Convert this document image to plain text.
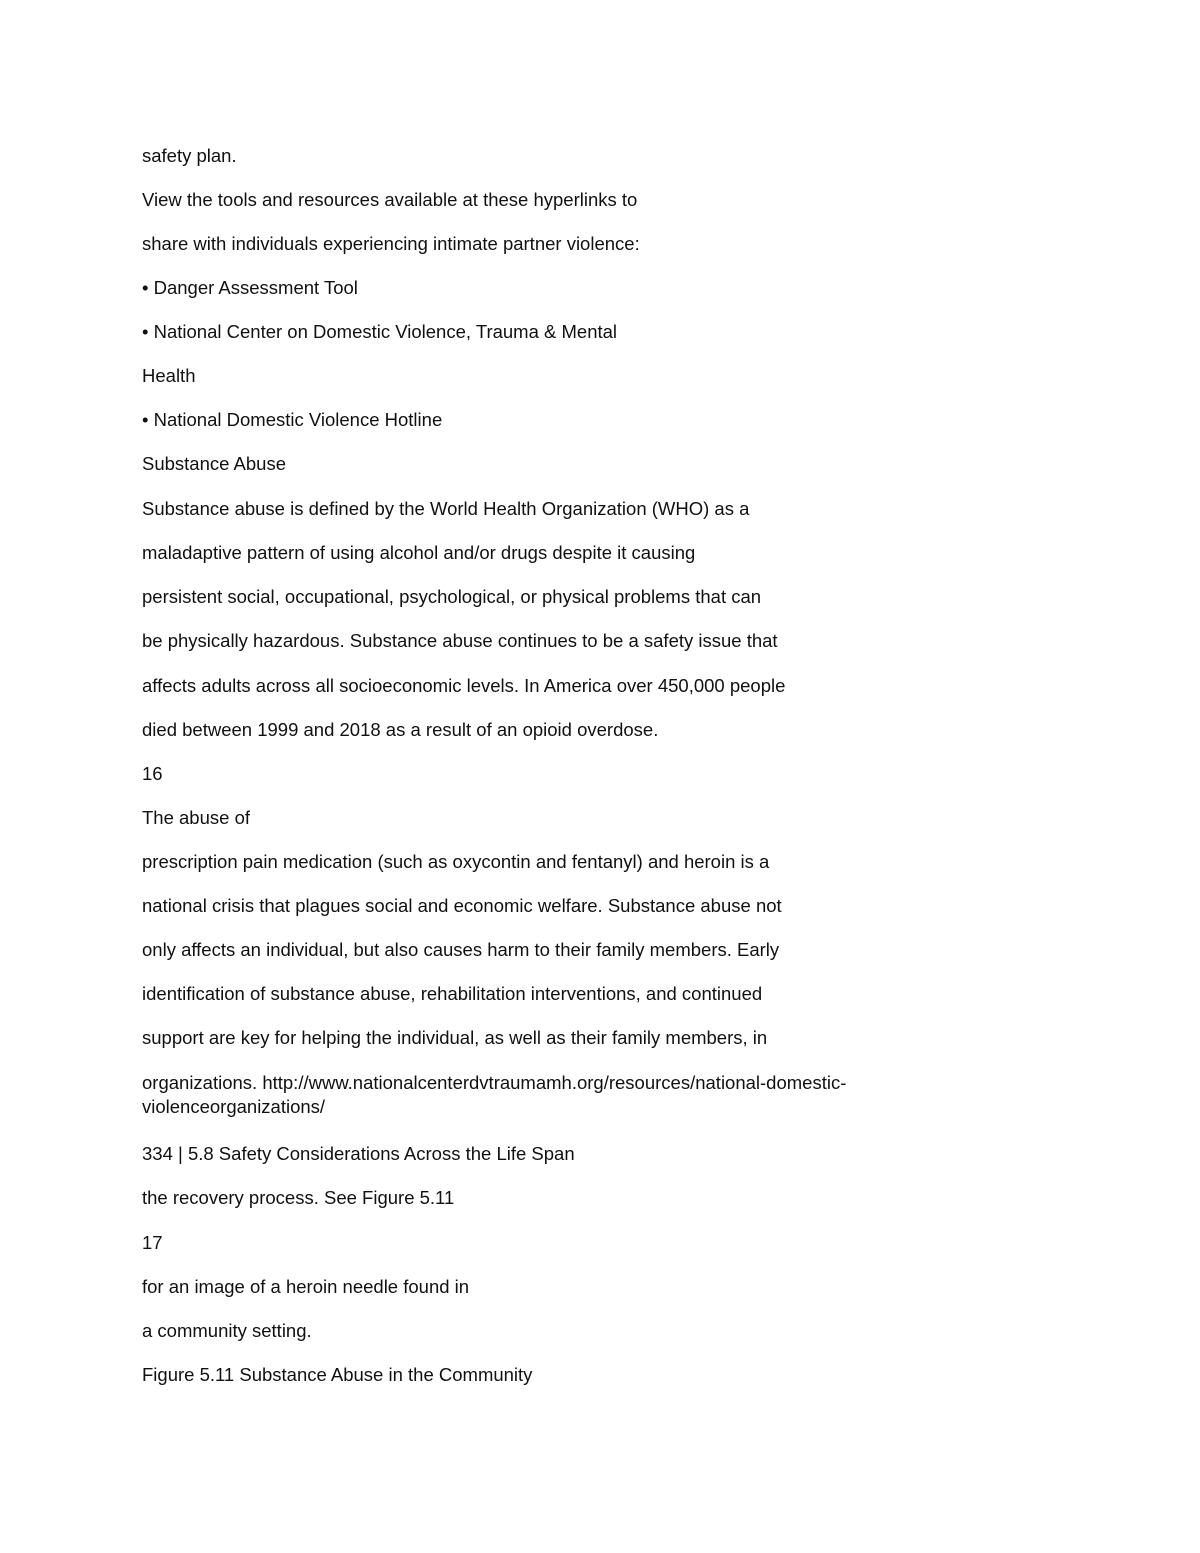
safety plan.
View the tools and resources available at these hyperlinks to
share with individuals experiencing intimate partner violence:
• Danger Assessment Tool
• National Center on Domestic Violence, Trauma & Mental
Health
• National Domestic Violence Hotline
Substance Abuse
Substance abuse is defined by the World Health Organization (WHO) as a
maladaptive pattern of using alcohol and/or drugs despite it causing
persistent social, occupational, psychological, or physical problems that can
be physically hazardous. Substance abuse continues to be a safety issue that
affects adults across all socioeconomic levels. In America over 450,000 people
died between 1999 and 2018 as a result of an opioid overdose.
16
The abuse of
prescription pain medication (such as oxycontin and fentanyl) and heroin is a
national crisis that plagues social and economic welfare. Substance abuse not
only affects an individual, but also causes harm to their family members. Early
identification of substance abuse, rehabilitation interventions, and continued
support are key for helping the individual, as well as their family members, in
organizations. http://www.nationalcenterdvtraumamh.org/resources/national-domestic-
violenceorganizations/
334 | 5.8 Safety Considerations Across the Life Span
the recovery process. See Figure 5.11
17
for an image of a heroin needle found in
a community setting.
Figure 5.11 Substance Abuse in the Community
